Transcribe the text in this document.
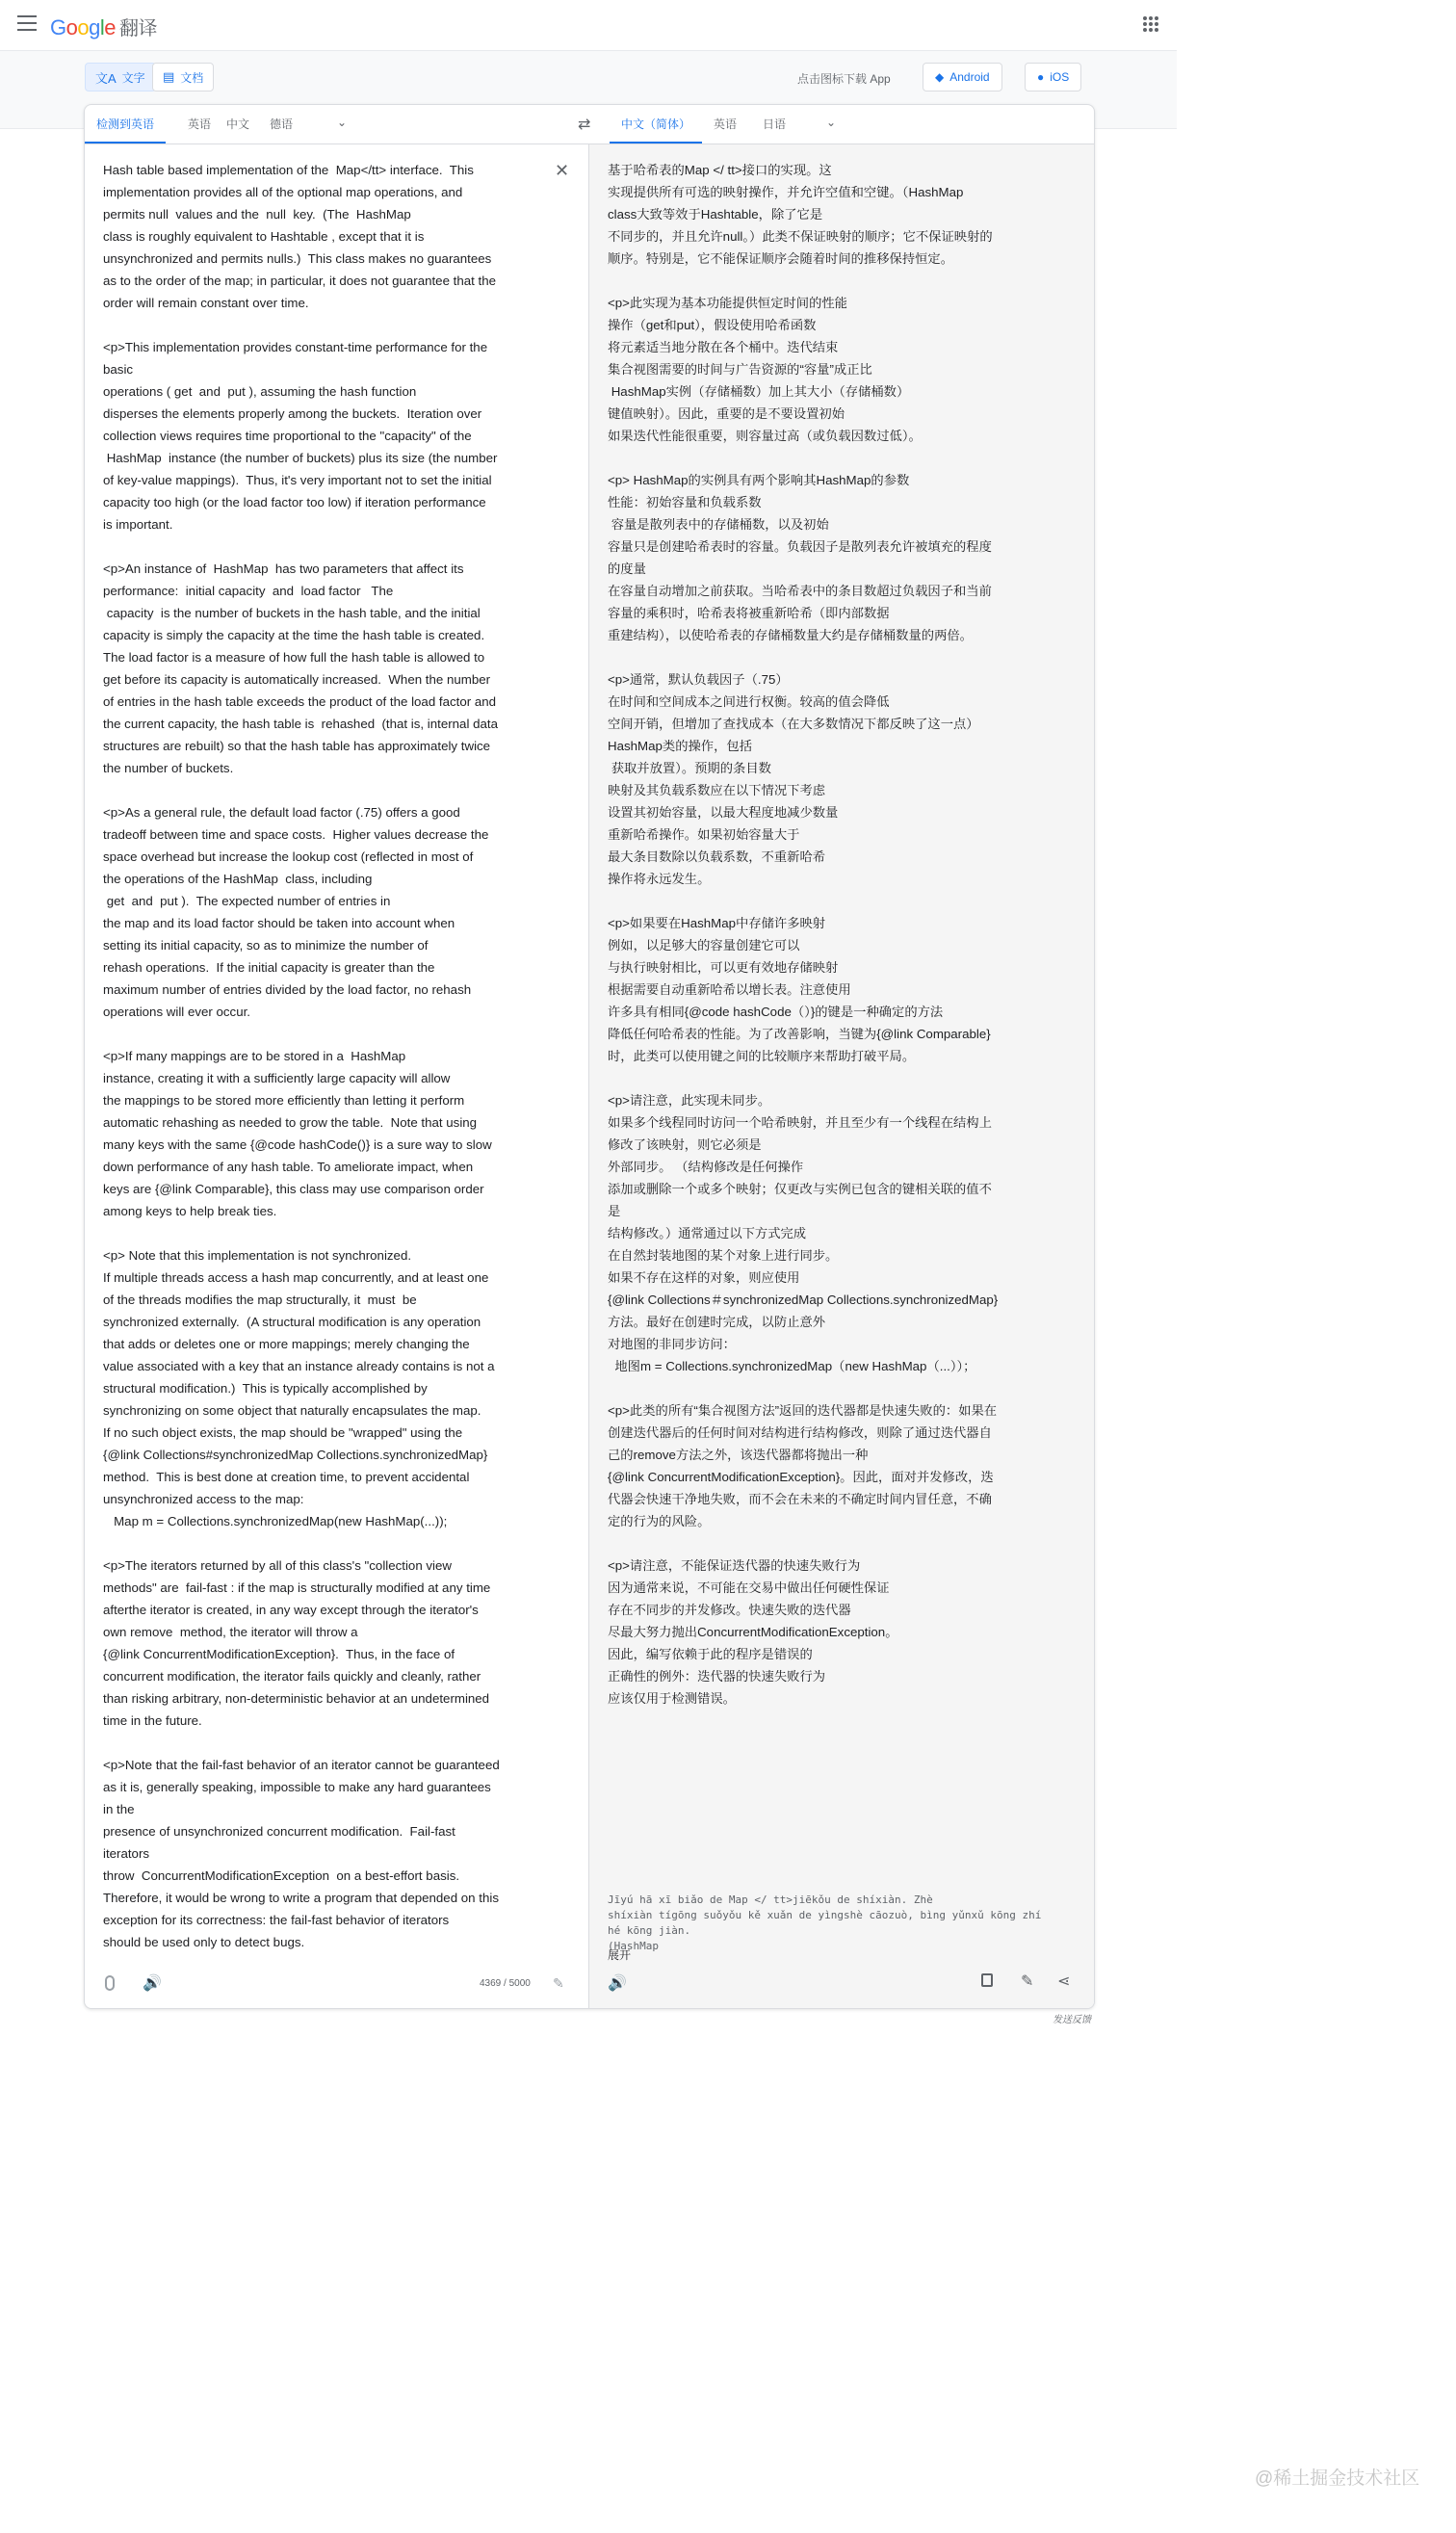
Google 翻译
文A 文字 ▤ 文档	点击图标下载 App	◆ Android	● iOS
检测到英语	英语	中文	德语	⌄	⇄	中文（简体）	英语	日语	⌄
Hash table based implementation of the  Map</tt> interface.  This
implementation provides all of the optional map operations, and
permits null  values and the  null  key.  (The  HashMap
class is roughly equivalent to Hashtable , except that it is
unsynchronized and permits nulls.)  This class makes no guarantees
as to the order of the map; in particular, it does not guarantee that the
order will remain constant over time.

<p>This implementation provides constant-time performance for the
basic
operations ( get  and  put ), assuming the hash function
disperses the elements properly among the buckets.  Iteration over
collection views requires time proportional to the "capacity" of the
HashMap  instance (the number of buckets) plus its size (the number
of key-value mappings).  Thus, it's very important not to set the initial
capacity too high (or the load factor too low) if iteration performance
is important.

<p>An instance of  HashMap  has two parameters that affect its
performance:  initial capacity  and  load factor   The
capacity  is the number of buckets in the hash table, and the initial
capacity is simply the capacity at the time the hash table is created.
The load factor is a measure of how full the hash table is allowed to
get before its capacity is automatically increased.  When the number
of entries in the hash table exceeds the product of the load factor and
the current capacity, the hash table is  rehashed  (that is, internal data
structures are rebuilt) so that the hash table has approximately twice
the number of buckets.

<p>As a general rule, the default load factor (.75) offers a good
tradeoff between time and space costs.  Higher values decrease the
space overhead but increase the lookup cost (reflected in most of
the operations of the HashMap  class, including
get  and  put ).  The expected number of entries in
the map and its load factor should be taken into account when
setting its initial capacity, so as to minimize the number of
rehash operations.  If the initial capacity is greater than the
maximum number of entries divided by the load factor, no rehash
operations will ever occur.

<p>If many mappings are to be stored in a  HashMap
instance, creating it with a sufficiently large capacity will allow
the mappings to be stored more efficiently than letting it perform
automatic rehashing as needed to grow the table.  Note that using
many keys with the same {@code hashCode()} is a sure way to slow
down performance of any hash table. To ameliorate impact, when
keys are {@link Comparable}, this class may use comparison order
among keys to help break ties.

<p> Note that this implementation is not synchronized.
If multiple threads access a hash map concurrently, and at least one
of the threads modifies the map structurally, it  must  be
synchronized externally.  (A structural modification is any operation
that adds or deletes one or more mappings; merely changing the
value associated with a key that an instance already contains is not a
structural modification.)  This is typically accomplished by
synchronizing on some object that naturally encapsulates the map.
If no such object exists, the map should be "wrapped" using the
{@link Collections#synchronizedMap Collections.synchronizedMap}
method.  This is best done at creation time, to prevent accidental
unsynchronized access to the map:
Map m = Collections.synchronizedMap(new HashMap(...));

<p>The iterators returned by all of this class's "collection view
methods" are  fail-fast : if the map is structurally modified at any time
afterthe iterator is created, in any way except through the iterator's
own remove  method, the iterator will throw a
{@link ConcurrentModificationException}.  Thus, in the face of
concurrent modification, the iterator fails quickly and cleanly, rather
than risking arbitrary, non-deterministic behavior at an undetermined
time in the future.

<p>Note that the fail-fast behavior of an iterator cannot be guaranteed
as it is, generally speaking, impossible to make any hard guarantees
in the
presence of unsynchronized concurrent modification.  Fail-fast
iterators
throw  ConcurrentModificationException  on a best-effort basis.
Therefore, it would be wrong to write a program that depended on this
exception for its correctness: the fail-fast behavior of iterators
should be used only to detect bugs.
✕	基于哈希表的Map </ tt>接口的实现。这
实现提供所有可选的映射操作，并允许空值和空键。（HashMap
class大致等效于Hashtable，除了它是
不同步的，并且允许null。）此类不保证映射的顺序；它不保证映射的
顺序。特别是，它不能保证顺序会随着时间的推移保持恒定。

<p>此实现为基本功能提供恒定时间的性能
操作（get和put），假设使用哈希函数
将元素适当地分散在各个桶中。迭代结束
集合视图需要的时间与广告资源的“容量”成正比
HashMap实例（存储桶数）加上其大小（存储桶数）
键值映射）。因此，重要的是不要设置初始
如果迭代性能很重要，则容量过高（或负载因数过低）。

<p> HashMap的实例具有两个影响其HashMap的参数
性能：初始容量和负载系数
容量是散列表中的存储桶数，以及初始
容量只是创建哈希表时的容量。负载因子是散列表允许被填充的程度
的度量
在容量自动增加之前获取。当哈希表中的条目数超过负载因子和当前
容量的乘积时，哈希表将被重新哈希（即内部数据
重建结构），以使哈希表的存储桶数量大约是存储桶数量的两倍。

<p>通常，默认负载因子（.75）
在时间和空间成本之间进行权衡。较高的值会降低
空间开销，但增加了查找成本（在大多数情况下都反映了这一点）
HashMap类的操作，包括
获取并放置）。预期的条目数
映射及其负载系数应在以下情况下考虑
设置其初始容量，以最大程度地减少数量
重新哈希操作。如果初始容量大于
最大条目数除以负载系数，不重新哈希
操作将永远发生。

<p>如果要在HashMap中存储许多映射
例如，以足够大的容量创建它可以
与执行映射相比，可以更有效地存储映射
根据需要自动重新哈希以增长表。注意使用
许多具有相同{@code hashCode（）}的键是一种确定的方法
降低任何哈希表的性能。为了改善影响，当键为{@link Comparable}
时，此类可以使用键之间的比较顺序来帮助打破平局。

<p>请注意，此实现未同步。
如果多个线程同时访问一个哈希映射，并且至少有一个线程在结构上
修改了该映射，则它必须是
外部同步。 （结构修改是任何操作
添加或删除一个或多个映射；仅更改与实例已包含的键相关联的值不
是
结构修改。）通常通过以下方式完成
在自然封装地图的某个对象上进行同步。
如果不存在这样的对象，则应使用
{@link Collections＃synchronizedMap Collections.synchronizedMap}
方法。最好在创建时完成，以防止意外
对地图的非同步访问：
地图m = Collections.synchronizedMap（new HashMap（...））；

<p>此类的所有“集合视图方法”返回的迭代器都是快速失败的：如果在
创建迭代器后的任何时间对结构进行结构修改，则除了通过迭代器自
己的remove方法之外，该迭代器都将抛出一种
{@link ConcurrentModificationException}。因此，面对并发修改，迭
代器会快速干净地失败，而不会在未来的不确定时间内冒任意，不确
定的行为的风险。

<p>请注意，不能保证迭代器的快速失败行为
因为通常来说，不可能在交易中做出任何硬性保证
存在不同步的并发修改。快速失败的迭代器
尽最大努力抛出ConcurrentModificationException。
因此，编写依赖于此的程序是错误的
正确性的例外：迭代器的快速失败行为
应该仅用于检测错误。
🔊	4369 / 5000 ✎
Jīyú hā xī biǎo de Map </ tt>jiēkǒu de shíxiàn. Zhè
shíxiàn tígōng suǒyǒu kě xuǎn de yìngshè cāozuò, bìng yǔnxǔ kōng zhí hé kōng jiàn.
(HashMap
展开
🔊	✎ ⋖
发送反馈
@稀土掘金技术社区
